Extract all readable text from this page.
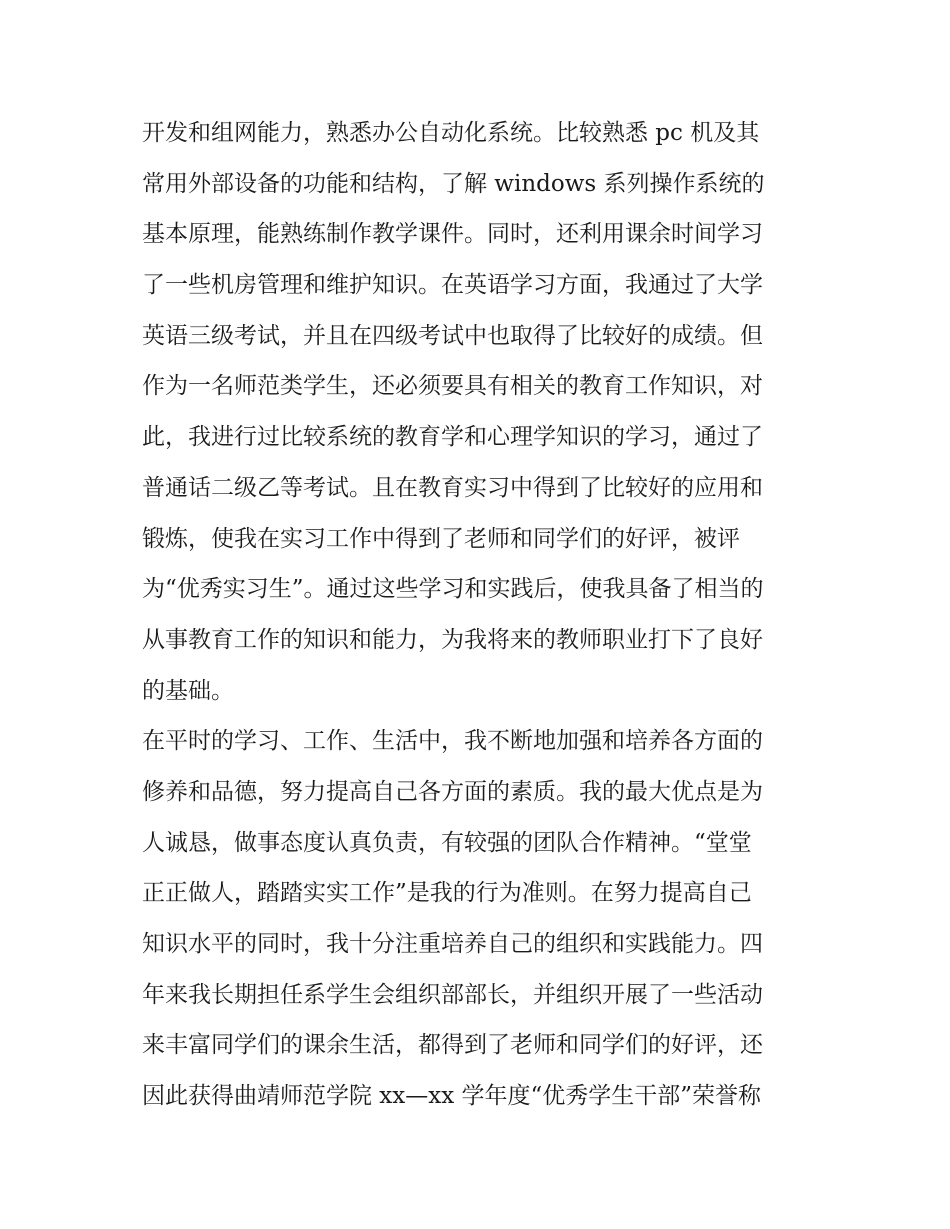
开发和组网能力，熟悉办公自动化系统。比较熟悉 pc 机及其
常用外部设备的功能和结构，了解 windows 系列操作系统的
基本原理，能熟练制作教学课件。同时，还利用课余时间学习
了一些机房管理和维护知识。在英语学习方面，我通过了大学
英语三级考试，并且在四级考试中也取得了比较好的成绩。但
作为一名师范类学生，还必须要具有相关的教育工作知识，对
此，我进行过比较系统的教育学和心理学知识的学习，通过了
普通话二级乙等考试。且在教育实习中得到了比较好的应用和
锻炼，使我在实习工作中得到了老师和同学们的好评，被评
为“优秀实习生”。通过这些学习和实践后，使我具备了相当的
从事教育工作的知识和能力，为我将来的教师职业打下了良好
的基础。
在平时的学习、工作、生活中，我不断地加强和培养各方面的
修养和品德，努力提高自己各方面的素质。我的最大优点是为
人诚恳，做事态度认真负责，有较强的团队合作精神。“堂堂
正正做人，踏踏实实工作”是我的行为准则。在努力提高自己
知识水平的同时，我十分注重培养自己的组织和实践能力。四
年来我长期担任系学生会组织部部长，并组织开展了一些活动
来丰富同学们的课余生活，都得到了老师和同学们的好评，还
因此获得曲靖师范学院 xx—xx 学年度“优秀学生干部”荣誉称
